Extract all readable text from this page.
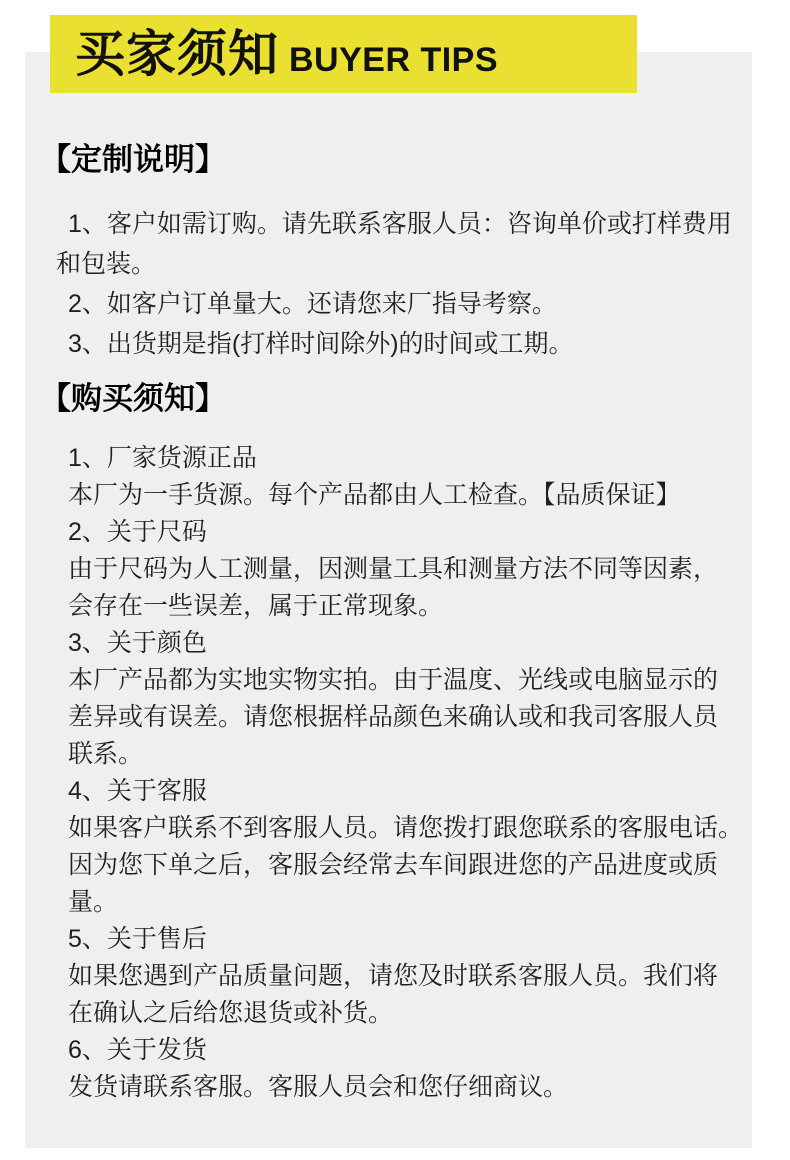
【定制说明】
1、客户如需订购。请先联系客服人员：咨询单价或打样费用
和包装。
2、如客户订单量大。还请您来厂指导考察。
3、出货期是指(打样时间除外)的时间或工期。
【购买须知】
1、厂家货源正品
本厂为一手货源。每个产品都由人工检查。【品质保证】
2、关于尺码
由于尺码为人工测量，因测量工具和测量方法不同等因素，
会存在一些误差，属于正常现象。
3、关于颜色
本厂产品都为实地实物实拍。由于温度、光线或电脑显示的
差异或有误差。请您根据样品颜色来确认或和我司客服人员
联系。
4、关于客服
如果客户联系不到客服人员。请您拨打跟您联系的客服电话。
因为您下单之后，客服会经常去车间跟进您的产品进度或质
量。
5、关于售后
如果您遇到产品质量问题，请您及时联系客服人员。我们将
在确认之后给您退货或补货。
6、关于发货
发货请联系客服。客服人员会和您仔细商议。
买家须知 BUYER TIPS
